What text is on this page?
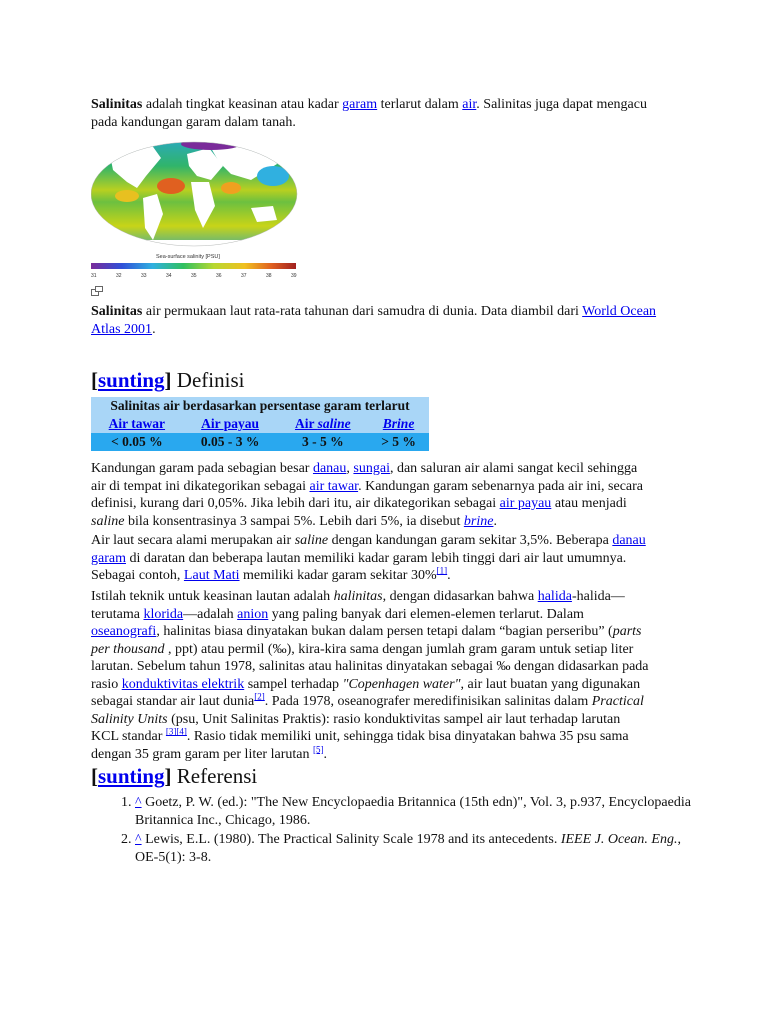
Salinitas adalah tingkat keasinan atau kadar garam terlarut dalam air. Salinitas juga dapat mengacu pada kandungan garam dalam tanah.

Sea-surface salinity [PSU]
31	32	33	34	35	36	37	38	39

Salinitas air permukaan laut rata-rata tahunan dari samudra di dunia. Data diambil dari World Ocean Atlas 2001.

[sunting] Definisi
Salinitas air berdasarkan persentase garam terlarut			
Air tawar	Air payau	Air saline	Brine
< 0.05 %	0.05 - 3 %	3 - 5 %	> 5 %

Kandungan garam pada sebagian besar danau, sungai, dan saluran air alami sangat kecil sehingga air di tempat ini dikategorikan sebagai air tawar. Kandungan garam sebenarnya pada air ini, secara definisi, kurang dari 0,05%. Jika lebih dari itu, air dikategorikan sebagai air payau atau menjadi saline bila konsentrasinya 3 sampai 5%. Lebih dari 5%, ia disebut brine.

Air laut secara alami merupakan air saline dengan kandungan garam sekitar 3,5%. Beberapa danau garam di daratan dan beberapa lautan memiliki kadar garam lebih tinggi dari air laut umumnya. Sebagai contoh, Laut Mati memiliki kadar garam sekitar 30%[1].

Istilah teknik untuk keasinan lautan adalah halinitas, dengan didasarkan bahwa halida-halida—terutama klorida—adalah anion yang paling banyak dari elemen-elemen terlarut. Dalam oseanografi, halinitas biasa dinyatakan bukan dalam persen tetapi dalam “bagian perseribu” (parts per thousand , ppt) atau permil (‰), kira-kira sama dengan jumlah gram garam untuk setiap liter larutan. Sebelum tahun 1978, salinitas atau halinitas dinyatakan sebagai ‰ dengan didasarkan pada rasio konduktivitas elektrik sampel terhadap "Copenhagen water", air laut buatan yang digunakan sebagai standar air laut dunia[2]. Pada 1978, oseanografer meredifinisikan salinitas dalam Practical Salinity Units (psu, Unit Salinitas Praktis): rasio konduktivitas sampel air laut terhadap larutan KCL standar [3][4]. Rasio tidak memiliki unit, sehingga tidak bisa dinyatakan bahwa 35 psu sama dengan 35 gram garam per liter larutan [5].

[sunting] Referensi
1. ^ Goetz, P. W. (ed.): "The New Encyclopaedia Britannica (15th edn)", Vol. 3, p.937, Encyclopaedia Britannica Inc., Chicago, 1986.
2. ^ Lewis, E.L. (1980). The Practical Salinity Scale 1978 and its antecedents. IEEE J. Ocean. Eng., OE-5(1): 3-8.
